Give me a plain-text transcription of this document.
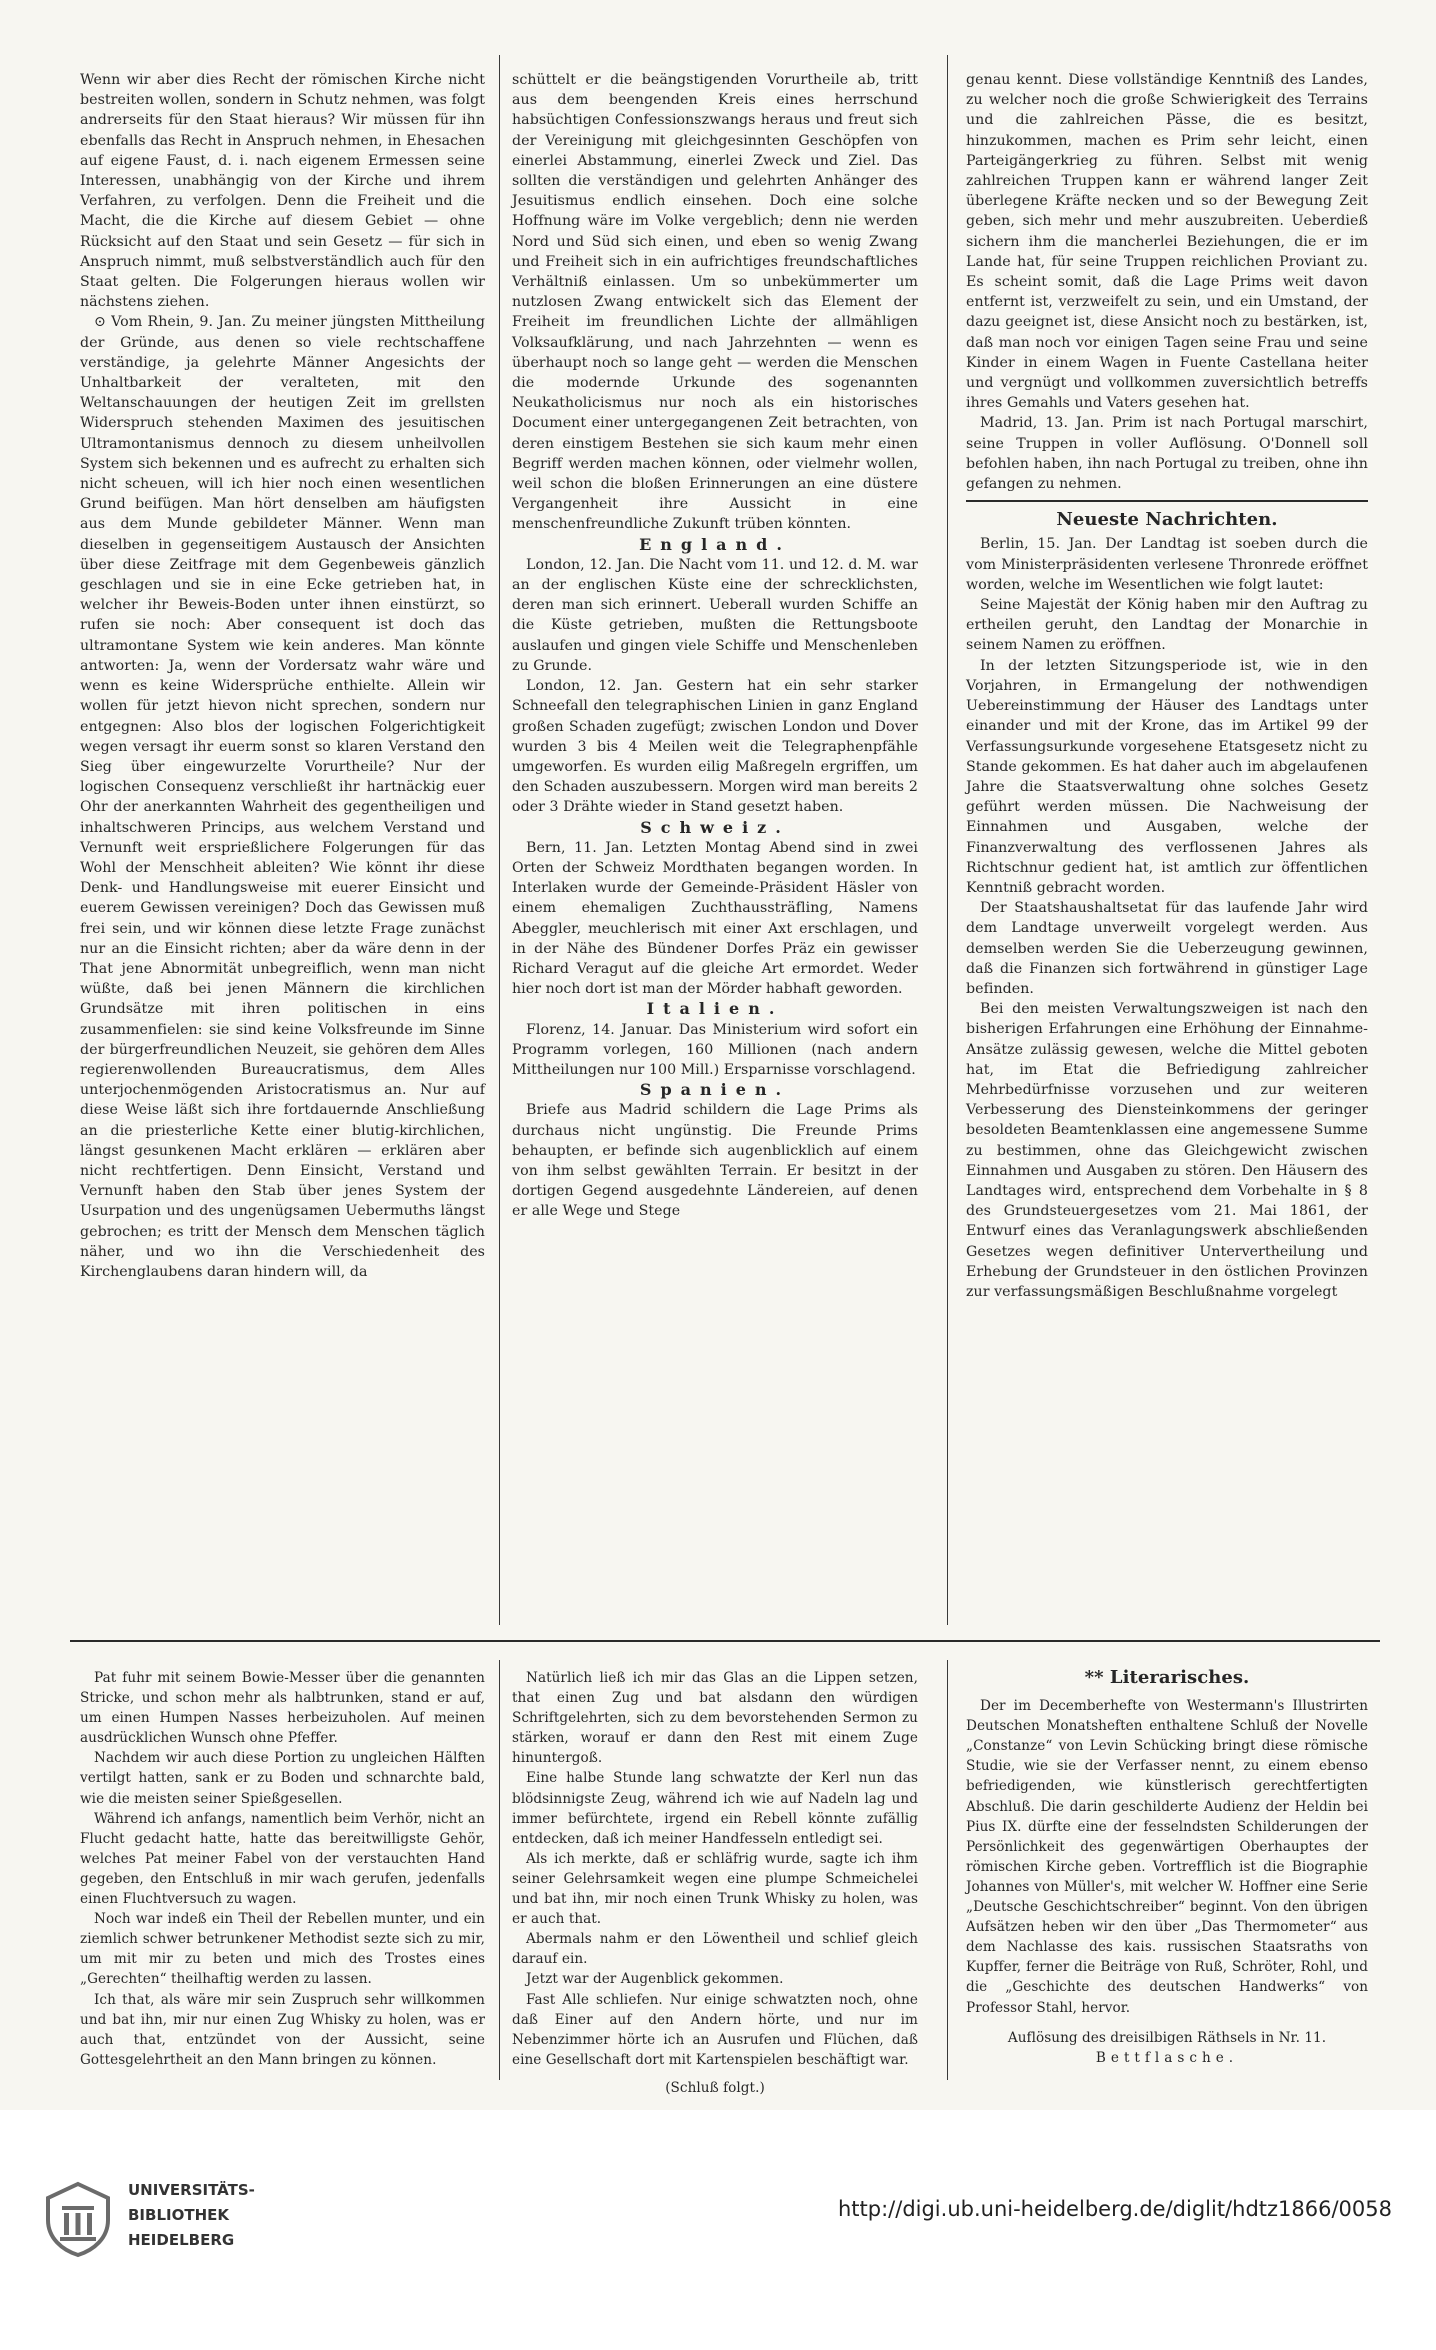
Wenn wir aber dies Recht der römischen Kirche nicht bestreiten wollen, sondern in Schutz nehmen, was folgt andrerseits für den Staat hieraus? Wir müssen für ihn ebenfalls das Recht in Anspruch nehmen, in Ehesachen auf eigene Faust, d. i. nach eigenem Ermessen seine Interessen, unabhängig von der Kirche und ihrem Verfahren, zu verfolgen. Denn die Freiheit und die Macht, die die Kirche auf diesem Gebiet — ohne Rücksicht auf den Staat und sein Gesetz — für sich in Anspruch nimmt, muß selbstverständlich auch für den Staat gelten. Die Folgerungen hieraus wollen wir nächstens ziehen.

⊙ Vom Rhein, 9. Jan. Zu meiner jüngsten Mittheilung der Gründe, aus denen so viele rechtschaffene verständige, ja gelehrte Männer Angesichts der Unhaltbarkeit der veralteten, mit den Weltanschauungen der heutigen Zeit im grellsten Widerspruch stehenden Maximen des jesuitischen Ultramontanismus dennoch zu diesem unheilvollen System sich bekennen und es aufrecht zu erhalten sich nicht scheuen, will ich hier noch einen wesentlichen Grund beifügen. Man hört denselben am häufigsten aus dem Munde gebildeter Männer. Wenn man dieselben in gegenseitigem Austausch der Ansichten über diese Zeitfrage mit dem Gegenbeweis gänzlich geschlagen und sie in eine Ecke getrieben hat, in welcher ihr Beweis-Boden unter ihnen einstürzt, so rufen sie noch: Aber consequent ist doch das ultramontane System wie kein anderes. Man könnte antworten: Ja, wenn der Vordersatz wahr wäre und wenn es keine Widersprüche enthielte. Allein wir wollen für jetzt hievon nicht sprechen, sondern nur entgegnen: Also blos der logischen Folgerichtigkeit wegen versagt ihr euerm sonst so klaren Verstand den Sieg über eingewurzelte Vorurtheile? Nur der logischen Consequenz verschließt ihr hartnäckig euer Ohr der anerkannten Wahrheit des gegentheiligen und inhaltschweren Princips, aus welchem Verstand und Vernunft weit ersprießlichere Folgerungen für das Wohl der Menschheit ableiten? Wie könnt ihr diese Denk- und Handlungsweise mit euerer Einsicht und euerem Gewissen vereinigen? Doch das Gewissen muß frei sein, und wir können diese letzte Frage zunächst nur an die Einsicht richten; aber da wäre denn in der That jene Abnormität unbegreiflich, wenn man nicht wüßte, daß bei jenen Männern die kirchlichen Grundsätze mit ihren politischen in eins zusammenfielen: sie sind keine Volksfreunde im Sinne der bürgerfreundlichen Neuzeit, sie gehören dem Alles regierenwollenden Bureaucratismus, dem Alles unterjochenmögenden Aristocratismus an. Nur auf diese Weise läßt sich ihre fortdauernde Anschließung an die priesterliche Kette einer blutig-kirchlichen, längst gesunkenen Macht erklären — erklären aber nicht rechtfertigen. Denn Einsicht, Verstand und Vernunft haben den Stab über jenes System der Usurpation und des ungenügsamen Uebermuths längst gebrochen; es tritt der Mensch dem Menschen täglich näher, und wo ihn die Verschiedenheit des Kirchenglaubens daran hindern will, da

schüttelt er die beängstigenden Vorurtheile ab, tritt aus dem beengenden Kreis eines herrschund habsüchtigen Confessionszwangs heraus und freut sich der Vereinigung mit gleichgesinnten Geschöpfen von einerlei Abstammung, einerlei Zweck und Ziel. Das sollten die verständigen und gelehrten Anhänger des Jesuitismus endlich einsehen. Doch eine solche Hoffnung wäre im Volke vergeblich; denn nie werden Nord und Süd sich einen, und eben so wenig Zwang und Freiheit sich in ein aufrichtiges freundschaftliches Verhältniß einlassen. Um so unbekümmerter um nutzlosen Zwang entwickelt sich das Element der Freiheit im freundlichen Lichte der allmähligen Volksaufklärung, und nach Jahrzehnten — wenn es überhaupt noch so lange geht — werden die Menschen die modernde Urkunde des sogenannten Neukatholicismus nur noch als ein historisches Document einer untergegangenen Zeit betrachten, von deren einstigem Bestehen sie sich kaum mehr einen Begriff werden machen können, oder vielmehr wollen, weil schon die bloßen Erinnerungen an eine düstere Vergangenheit ihre Aussicht in eine menschenfreundliche Zukunft trüben könnten.

England.

London, 12. Jan. Die Nacht vom 11. und 12. d. M. war an der englischen Küste eine der schrecklichsten, deren man sich erinnert. Ueberall wurden Schiffe an die Küste getrieben, mußten die Rettungsboote auslaufen und gingen viele Schiffe und Menschenleben zu Grunde.

London, 12. Jan. Gestern hat ein sehr starker Schneefall den telegraphischen Linien in ganz England großen Schaden zugefügt; zwischen London und Dover wurden 3 bis 4 Meilen weit die Telegraphenpfähle umgeworfen. Es wurden eilig Maßregeln ergriffen, um den Schaden auszubessern. Morgen wird man bereits 2 oder 3 Drähte wieder in Stand gesetzt haben.

Schweiz.

Bern, 11. Jan. Letzten Montag Abend sind in zwei Orten der Schweiz Mordthaten begangen worden. In Interlaken wurde der Gemeinde-Präsident Häsler von einem ehemaligen Zuchthaussträfling, Namens Abeggler, meuchlerisch mit einer Axt erschlagen, und in der Nähe des Bündener Dorfes Präz ein gewisser Richard Veragut auf die gleiche Art ermordet. Weder hier noch dort ist man der Mörder habhaft geworden.

Italien.

Florenz, 14. Januar. Das Ministerium wird sofort ein Programm vorlegen, 160 Millionen (nach andern Mittheilungen nur 100 Mill.) Ersparnisse vorschlagend.

Spanien.

Briefe aus Madrid schildern die Lage Prims als durchaus nicht ungünstig. Die Freunde Prims behaupten, er befinde sich augenblicklich auf einem von ihm selbst gewählten Terrain. Er besitzt in der dortigen Gegend ausgedehnte Ländereien, auf denen er alle Wege und Stege

genau kennt. Diese vollständige Kenntniß des Landes, zu welcher noch die große Schwierigkeit des Terrains und die zahlreichen Pässe, die es besitzt, hinzukommen, machen es Prim sehr leicht, einen Parteigängerkrieg zu führen. Selbst mit wenig zahlreichen Truppen kann er während langer Zeit überlegene Kräfte necken und so der Bewegung Zeit geben, sich mehr und mehr auszubreiten. Ueberdieß sichern ihm die mancherlei Beziehungen, die er im Lande hat, für seine Truppen reichlichen Proviant zu. Es scheint somit, daß die Lage Prims weit davon entfernt ist, verzweifelt zu sein, und ein Umstand, der dazu geeignet ist, diese Ansicht noch zu bestärken, ist, daß man noch vor einigen Tagen seine Frau und seine Kinder in einem Wagen in Fuente Castellana heiter und vergnügt und vollkommen zuversichtlich betreffs ihres Gemahls und Vaters gesehen hat.

Madrid, 13. Jan. Prim ist nach Portugal marschirt, seine Truppen in voller Auflösung. O'Donnell soll befohlen haben, ihn nach Portugal zu treiben, ohne ihn gefangen zu nehmen.

Neueste Nachrichten.

Berlin, 15. Jan. Der Landtag ist soeben durch die vom Ministerpräsidenten verlesene Thronrede eröffnet worden, welche im Wesentlichen wie folgt lautet:

Seine Majestät der König haben mir den Auftrag zu ertheilen geruht, den Landtag der Monarchie in seinem Namen zu eröffnen.

In der letzten Sitzungsperiode ist, wie in den Vorjahren, in Ermangelung der nothwendigen Uebereinstimmung der Häuser des Landtags unter einander und mit der Krone, das im Artikel 99 der Verfassungsurkunde vorgesehene Etatsgesetz nicht zu Stande gekommen. Es hat daher auch im abgelaufenen Jahre die Staatsverwaltung ohne solches Gesetz geführt werden müssen. Die Nachweisung der Einnahmen und Ausgaben, welche der Finanzverwaltung des verflossenen Jahres als Richtschnur gedient hat, ist amtlich zur öffentlichen Kenntniß gebracht worden.

Der Staatshaushaltsetat für das laufende Jahr wird dem Landtage unverweilt vorgelegt werden. Aus demselben werden Sie die Ueberzeugung gewinnen, daß die Finanzen sich fortwährend in günstiger Lage befinden.

Bei den meisten Verwaltungszweigen ist nach den bisherigen Erfahrungen eine Erhöhung der Einnahme-Ansätze zulässig gewesen, welche die Mittel geboten hat, im Etat die Befriedigung zahlreicher Mehrbedürfnisse vorzusehen und zur weiteren Verbesserung des Diensteinkommens der geringer besoldeten Beamtenklassen eine angemessene Summe zu bestimmen, ohne das Gleichgewicht zwischen Einnahmen und Ausgaben zu stören. Den Häusern des Landtages wird, entsprechend dem Vorbehalte in § 8 des Grundsteuergesetzes vom 21. Mai 1861, der Entwurf eines das Veranlagungswerk abschließenden Gesetzes wegen definitiver Untervertheilung und Erhebung der Grundsteuer in den östlichen Provinzen zur verfassungsmäßigen Beschlußnahme vorgelegt

Pat fuhr mit seinem Bowie-Messer über die genannten Stricke, und schon mehr als halbtrunken, stand er auf, um einen Humpen Nasses herbeizuholen. Auf meinen ausdrücklichen Wunsch ohne Pfeffer.

Nachdem wir auch diese Portion zu ungleichen Hälften vertilgt hatten, sank er zu Boden und schnarchte bald, wie die meisten seiner Spießgesellen.

Während ich anfangs, namentlich beim Verhör, nicht an Flucht gedacht hatte, hatte das bereitwilligste Gehör, welches Pat meiner Fabel von der verstauchten Hand gegeben, den Entschluß in mir wach gerufen, jedenfalls einen Fluchtversuch zu wagen.

Noch war indeß ein Theil der Rebellen munter, und ein ziemlich schwer betrunkener Methodist sezte sich zu mir, um mit mir zu beten und mich des Trostes eines „Gerechten“ theilhaftig werden zu lassen.

Ich that, als wäre mir sein Zuspruch sehr willkommen und bat ihn, mir nur einen Zug Whisky zu holen, was er auch that, entzündet von der Aussicht, seine Gottesgelehrtheit an den Mann bringen zu können.

Natürlich ließ ich mir das Glas an die Lippen setzen, that einen Zug und bat alsdann den würdigen Schriftgelehrten, sich zu dem bevorstehenden Sermon zu stärken, worauf er dann den Rest mit einem Zuge hinuntergoß.

Eine halbe Stunde lang schwatzte der Kerl nun das blödsinnigste Zeug, während ich wie auf Nadeln lag und immer befürchtete, irgend ein Rebell könnte zufällig entdecken, daß ich meiner Handfesseln entledigt sei.

Als ich merkte, daß er schläfrig wurde, sagte ich ihm seiner Gelehrsamkeit wegen eine plumpe Schmeichelei und bat ihn, mir noch einen Trunk Whisky zu holen, was er auch that.

Abermals nahm er den Löwentheil und schlief gleich darauf ein.

Jetzt war der Augenblick gekommen.

Fast Alle schliefen. Nur einige schwatzten noch, ohne daß Einer auf den Andern hörte, und nur im Nebenzimmer hörte ich an Ausrufen und Flüchen, daß eine Gesellschaft dort mit Kartenspielen beschäftigt war.

(Schluß folgt.)
** Literarisches.

Der im Decemberhefte von Westermann's Illustrirten Deutschen Monatsheften enthaltene Schluß der Novelle „Constanze“ von Levin Schücking bringt diese römische Studie, wie sie der Verfasser nennt, zu einem ebenso befriedigenden, wie künstlerisch gerechtfertigten Abschluß. Die darin geschilderte Audienz der Heldin bei Pius IX. dürfte eine der fesselndsten Schilderungen der Persönlichkeit des gegenwärtigen Oberhauptes der römischen Kirche geben. Vortrefflich ist die Biographie Johannes von Müller's, mit welcher W. Hoffner eine Serie „Deutsche Geschichtschreiber“ beginnt. Von den übrigen Aufsätzen heben wir den über „Das Thermometer“ aus dem Nachlasse des kais. russischen Staatsraths von Kupffer, ferner die Beiträge von Ruß, Schröter, Rohl, und die „Geschichte des deutschen Handwerks“ von Professor Stahl, hervor.

Auflösung des dreisilbigen Räthsels in Nr. 11.
Bettflasche.
UNIVERSITÄTS-
BIBLIOTHEK
HEIDELBERG
http://digi.ub.uni-heidelberg.de/diglit/hdtz1866/0058
